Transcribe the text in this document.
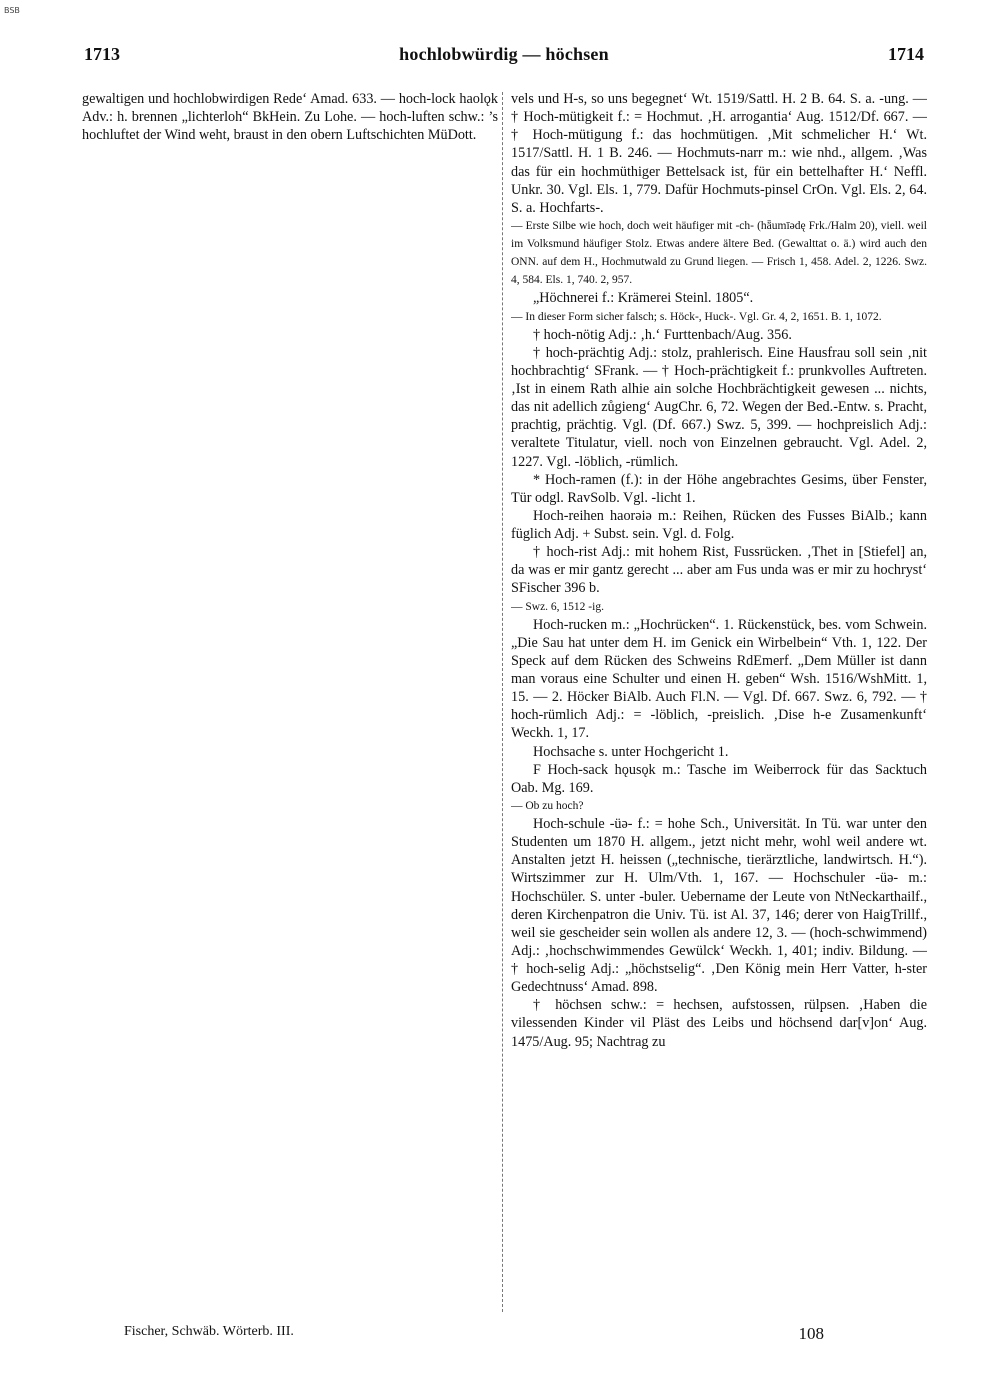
BSB
1713	hochlobwürdig — höchsen	1714

gewaltigen und hochlobwirdigen Rede‘ Amad. 633. — hoch-lock haolǫk Adv.: h. brennen „lichterloh“ BkHein. Zu Lohe. — hoch-luften schw.: ’s hochluftet der Wind weht, braust in den obern Luftschichten MüDott.

vels und H-s, so uns begegnet‘ Wt. 1519/Sattl. H. 2 B. 64. S. a. -ung. — † Hoch-mütigkeit f.: = Hochmut. ‚H. arrogantia‘ Aug. 1512/Df. 667. — † Hoch-mütigung f.: das hochmütigen. ‚Mit schmelicher H.‘ Wt. 1517/Sattl. H. 1 B. 246. — Hochmuts-narr m.: wie nhd., allgem. ‚Was das für ein hochmüthiger Bettelsack ist, für ein bettelhafter H.‘ Neffl. Unkr. 30. Vgl. Els. 1, 779. Dafür Hochmuts-pinsel CrOn. Vgl. Els. 2, 64. S. a. Hochfarts-.

— Erste Silbe wie hoch, doch weit häufiger mit -ch- (hǟumīədę Frk./Halm 20), viell. weil im Volksmund häufiger Stolz. Etwas andere ältere Bed. (Gewalttat o. ä.) wird auch den ONN. auf dem H., Hochmutwald zu Grund liegen. — Frisch 1, 458. Adel. 2, 1226. Swz. 4, 584. Els. 1, 740. 2, 957.

„Höchnerei f.: Krämerei Steinl. 1805“.

— In dieser Form sicher falsch; s. Höck-, Huck-. Vgl. Gr. 4, 2, 1651. B. 1, 1072.

† hoch-nötig Adj.: ‚h.‘ Furttenbach/Aug. 356.

† hoch-prächtig Adj.: stolz, prahlerisch. Eine Hausfrau soll sein ‚nit hochbrachtig‘ SFrank. — † Hoch-prächtigkeit f.: prunkvolles Auftreten. ‚Ist in einem Rath alhie ain solche Hochbrächtigkeit gewesen ... nichts, das nit adellich zůgieng‘ AugChr. 6, 72. Wegen der Bed.-Entw. s. Pracht, prachtig, prächtig. Vgl. (Df. 667.) Swz. 5, 399. — hochpreislich Adj.: veraltete Titulatur, viell. noch von Einzelnen gebraucht. Vgl. Adel. 2, 1227. Vgl. -löblich, -rümlich.

* Hoch-ramen (f.): in der Höhe angebrachtes Gesims, über Fenster, Tür odgl. RavSolb. Vgl. -licht 1.

Hoch-reihen haorəiə m.: Reihen, Rücken des Fusses BiAlb.; kann füglich Adj. + Subst. sein. Vgl. d. Folg.

† hoch-rist Adj.: mit hohem Rist, Fussrücken. ‚Thet in [Stiefel] an, da was er mir gantz gerecht ... aber am Fus unda was er mir zu hochryst‘ SFischer 396 b.

— Swz. 6, 1512 -ig.

Hoch-rucken m.: „Hochrücken“. 1. Rückenstück, bes. vom Schwein. „Die Sau hat unter dem H. im Genick ein Wirbelbein“ Vth. 1, 122. Der Speck auf dem Rücken des Schweins RdEmerf. „Dem Müller ist dann man voraus eine Schulter und einen H. geben“ Wsh. 1516/WshMitt. 1, 15. — 2. Höcker BiAlb. Auch Fl.N. — Vgl. Df. 667. Swz. 6, 792. — † hoch-rümlich Adj.: = -löblich, -preislich. ‚Dise h-e Zusamenkunft‘ Weckh. 1, 17.

Hochsache s. unter Hochgericht 1.

F Hoch-sack hǫusǫk m.: Tasche im Weiberrock für das Sacktuch Oab. Mg. 169.

— Ob zu hoch?

Hoch-schule -üə- f.: = hohe Sch., Universität. In Tü. war unter den Studenten um 1870 H. allgem., jetzt nicht mehr, wohl weil andere wt. Anstalten jetzt H. heissen („technische, tierärztliche, landwirtsch. H.“). Wirtszimmer zur H. Ulm/Vth. 1, 167. — Hochschuler -üə- m.: Hochschüler. S. unter -buler. Uebername der Leute von NtNeckarthailf., deren Kirchenpatron die Univ. Tü. ist Al. 37, 146; derer von HaigTrillf., weil sie gescheider sein wollen als andere 12, 3. — (hoch-schwimmend) Adj.: ‚hochschwimmendes Gewülck‘ Weckh. 1, 401; indiv. Bildung. — † hoch-selig Adj.: „höchstselig“. ‚Den König mein Herr Vatter, h-ster Gedechtnuss‘ Amad. 898.

† höchsen schw.: = hechsen, aufstossen, rülpsen. ‚Haben die vilessenden Kinder vil Pläst des Leibs und höchsend dar[v]on‘ Aug. 1475/Aug. 95; Nachtrag zu

Fischer, Schwäb. Wörterb. III.	108
